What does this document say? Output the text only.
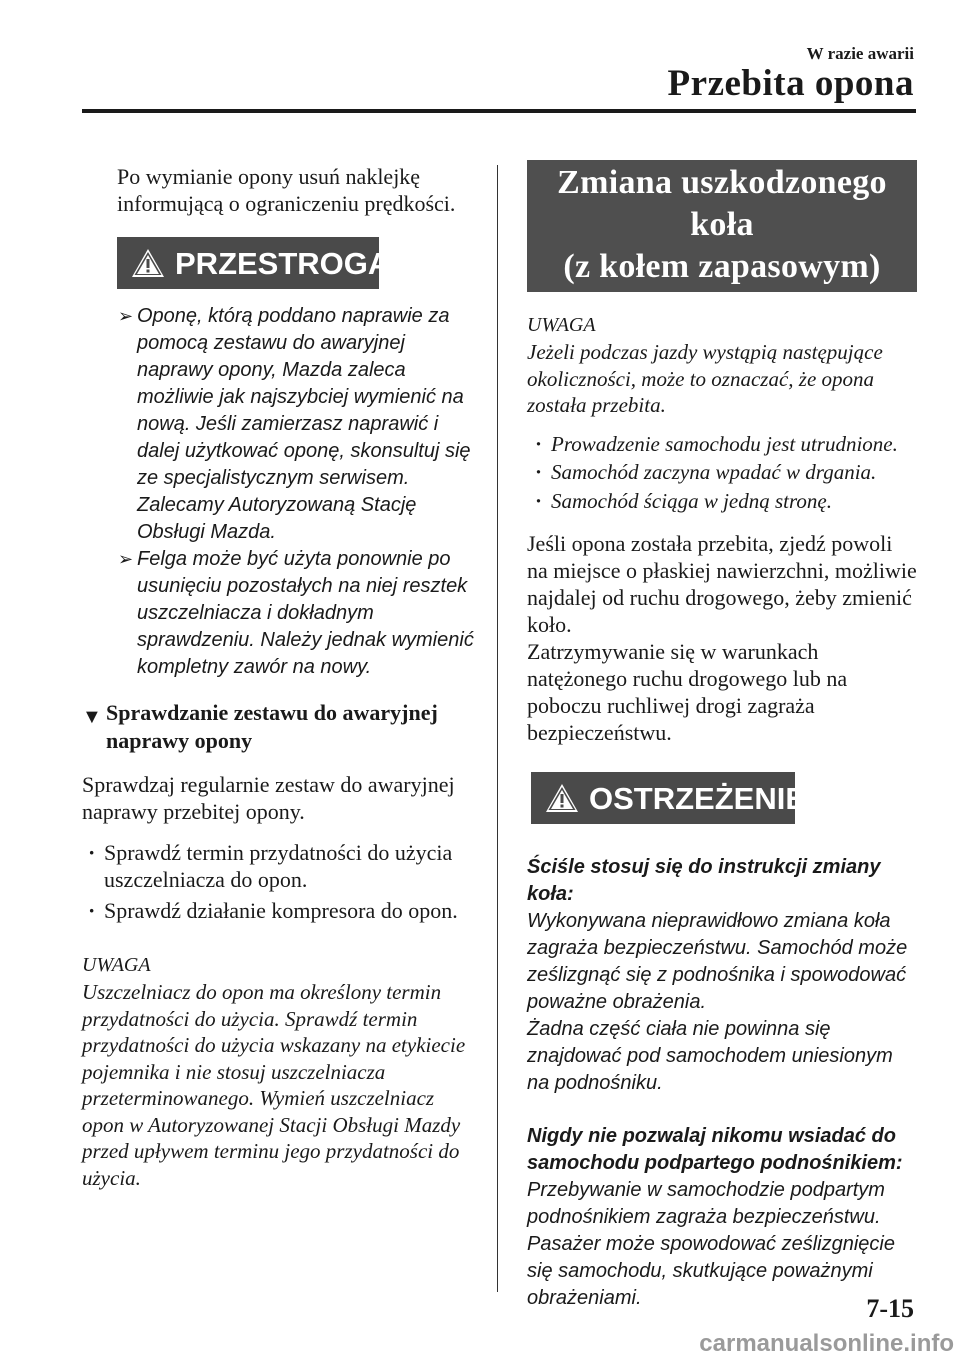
W razie awarii
Przebita opona

Po wymianie opony usuń naklejkę informującą o ograniczeniu prędkości.

PRZESTROGA
➢ Oponę, którą poddano naprawie za pomocą zestawu do awaryjnej naprawy opony, Mazda zaleca możliwie jak najszybciej wymienić na nową. Jeśli zamierzasz naprawić i dalej użytkować oponę, skonsultuj się ze specjalistycznym serwisem. Zalecamy Autoryzowaną Stację Obsługi Mazda.
➢ Felga może być użyta ponownie po usunięciu pozostałych na niej resztek uszczelniacza i dokładnym sprawdzeniu. Należy jednak wymienić kompletny zawór na nowy.
▼ Sprawdzanie zestawu do awaryjnej naprawy opony

Sprawdzaj regularnie zestaw do awaryjnej naprawy przebitej opony.

· Sprawdź termin przydatności do użycia uszczelniacza do opon.
· Sprawdź działanie kompresora do opon.

UWAGA

Uszczelniacz do opon ma określony termin przydatności do użycia. Sprawdź termin przydatności do użycia wskazany na etykiecie pojemnika i nie stosuj uszczelniacza przeterminowanego. Wymień uszczelniacz opon w Autoryzowanej Stacji Obsługi Mazdy przed upływem terminu jego przydatności do użycia.

Zmiana uszkodzonego koła
(z kołem zapasowym)

UWAGA

Jeżeli podczas jazdy wystąpią następujące okoliczności, może to oznaczać, że opona została przebita.

· Prowadzenie samochodu jest utrudnione.
· Samochód zaczyna wpadać w drgania.
· Samochód ściąga w jedną stronę.

Jeśli opona została przebita, zjedź powoli na miejsce o płaskiej nawierzchni, możliwie najdalej od ruchu drogowego, żeby zmienić koło.

Zatrzymywanie się w warunkach natężonego ruchu drogowego lub na poboczu ruchliwej drogi zagraża bezpieczeństwu.

OSTRZEŻENIE

Ściśle stosuj się do instrukcji zmiany koła:

Wykonywana nieprawidłowo zmiana koła zagraża bezpieczeństwu. Samochód może ześlizgnąć się z podnośnika i spowodować poważne obrażenia.

Żadna część ciała nie powinna się znajdować pod samochodem uniesionym na podnośniku.

Nigdy nie pozwalaj nikomu wsiadać do samochodu podpartego podnośnikiem:

Przebywanie w samochodzie podpartym podnośnikiem zagraża bezpieczeństwu. Pasażer może spowodować ześlizgnięcie się samochodu, skutkujące poważnymi obrażeniami.	7-15
carmanualsonline.info
